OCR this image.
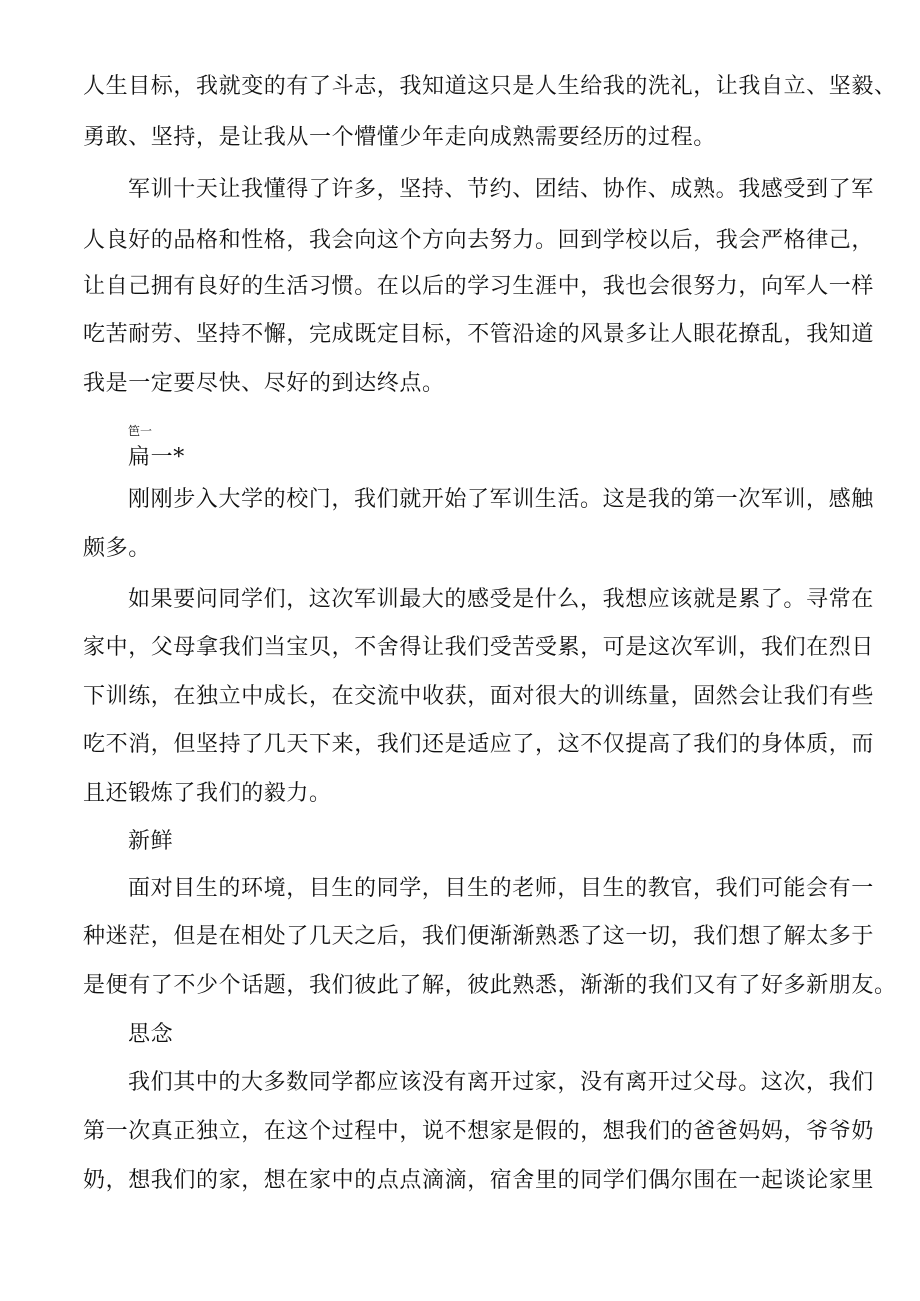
人生目标，我就变的有了斗志，我知道这只是人生给我的洗礼，让我自立、坚毅、
勇敢、坚持，是让我从一个懵懂少年走向成熟需要经历的过程。
军训十天让我懂得了许多，坚持、节约、团结、协作、成熟。我感受到了军
人良好的品格和性格，我会向这个方向去努力。回到学校以后，我会严格律己，
让自己拥有良好的生活习惯。在以后的学习生涯中，我也会很努力，向军人一样
吃苦耐劳、坚持不懈，完成既定目标，不管沿途的风景多让人眼花撩乱，我知道
我是一定要尽快、尽好的到达终点。
笆一
扁一*
刚刚步入大学的校门，我们就开始了军训生活。这是我的第一次军训，感触
颇多。
如果要问同学们，这次军训最大的感受是什么，我想应该就是累了。寻常在
家中，父母拿我们当宝贝，不舍得让我们受苦受累，可是这次军训，我们在烈日
下训练，在独立中成长，在交流中收获，面对很大的训练量，固然会让我们有些
吃不消，但坚持了几天下来，我们还是适应了，这不仅提高了我们的身体质，而
且还锻炼了我们的毅力。
新鲜
面对目生的环境，目生的同学，目生的老师，目生的教官，我们可能会有一
种迷茫，但是在相处了几天之后，我们便渐渐熟悉了这一切，我们想了解太多于
是便有了不少个话题，我们彼此了解，彼此熟悉，渐渐的我们又有了好多新朋友。
思念
我们其中的大多数同学都应该没有离开过家，没有离开过父母。这次，我们
第一次真正独立，在这个过程中，说不想家是假的，想我们的爸爸妈妈，爷爷奶
奶，想我们的家，想在家中的点点滴滴，宿舍里的同学们偶尔围在一起谈论家里
